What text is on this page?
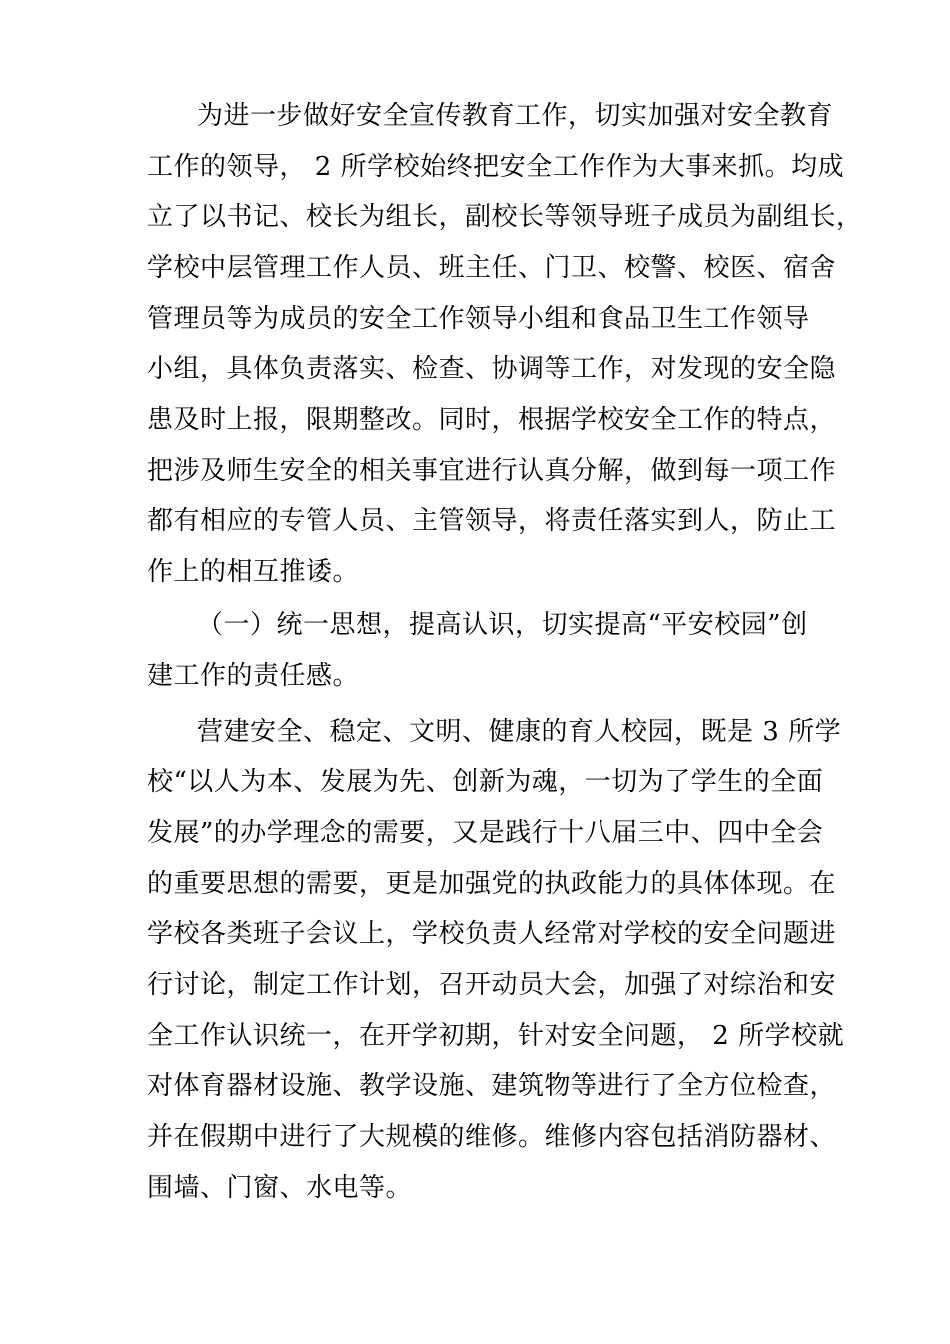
为进一步做好安全宣传教育工作，切实加强对安全教育
工作的领导， 2 所学校始终把安全工作作为大事来抓。均成
立了以书记、校长为组长，副校长等领导班子成员为副组长，
学校中层管理工作人员、班主任、门卫、校警、校医、宿舍
管理员等为成员的安全工作领导小组和食品卫生工作领导
小组，具体负责落实、检查、协调等工作，对发现的安全隐
患及时上报，限期整改。同时，根据学校安全工作的特点，
把涉及师生安全的相关事宜进行认真分解，做到每一项工作
都有相应的专管人员、主管领导，将责任落实到人，防止工
作上的相互推诿。
（一）统一思想，提高认识，切实提高“平安校园”创
建工作的责任感。
营建安全、稳定、文明、健康的育人校园，既是 3 所学
校“以人为本、发展为先、创新为魂，一切为了学生的全面
发展”的办学理念的需要，又是践行十八届三中、四中全会
的重要思想的需要，更是加强党的执政能力的具体体现。在
学校各类班子会议上，学校负责人经常对学校的安全问题进
行讨论，制定工作计划，召开动员大会，加强了对综治和安
全工作认识统一，在开学初期，针对安全问题， 2 所学校就
对体育器材设施、教学设施、建筑物等进行了全方位检查，
并在假期中进行了大规模的维修。维修内容包括消防器材、
围墙、门窗、水电等。
